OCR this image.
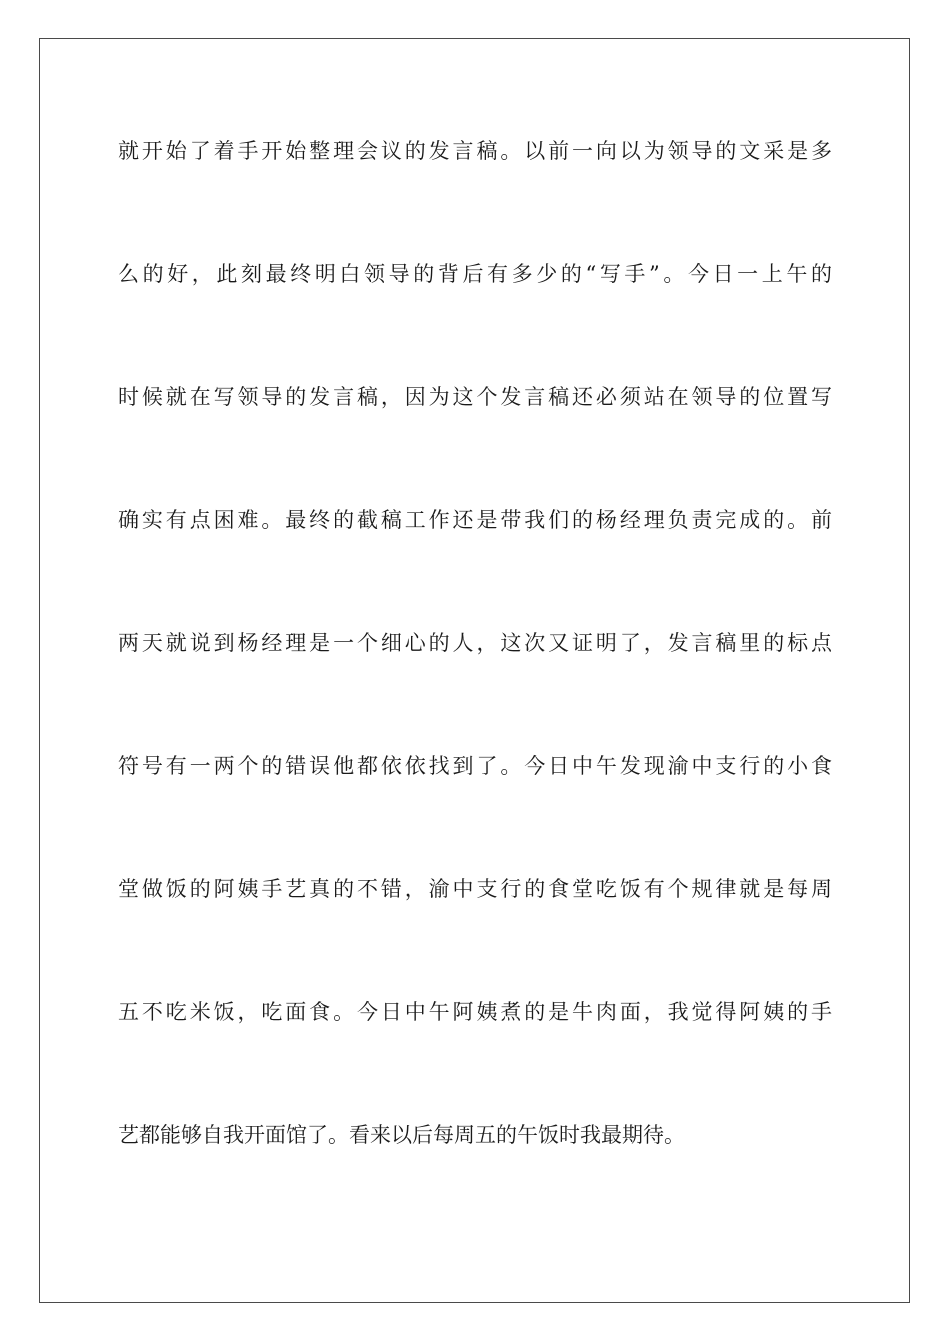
就开始了着手开始整理会议的发言稿。以前一向以为领导的文采是多
么的好，此刻最终明白领导的背后有多少的“写手”。今日一上午的
时候就在写领导的发言稿，因为这个发言稿还必须站在领导的位置写
确实有点困难。最终的截稿工作还是带我们的杨经理负责完成的。前
两天就说到杨经理是一个细心的人，这次又证明了，发言稿里的标点
符号有一两个的错误他都依依找到了。今日中午发现渝中支行的小食
堂做饭的阿姨手艺真的不错，渝中支行的食堂吃饭有个规律就是每周
五不吃米饭，吃面食。今日中午阿姨煮的是牛肉面，我觉得阿姨的手
艺都能够自我开面馆了。看来以后每周五的午饭时我最期待。
